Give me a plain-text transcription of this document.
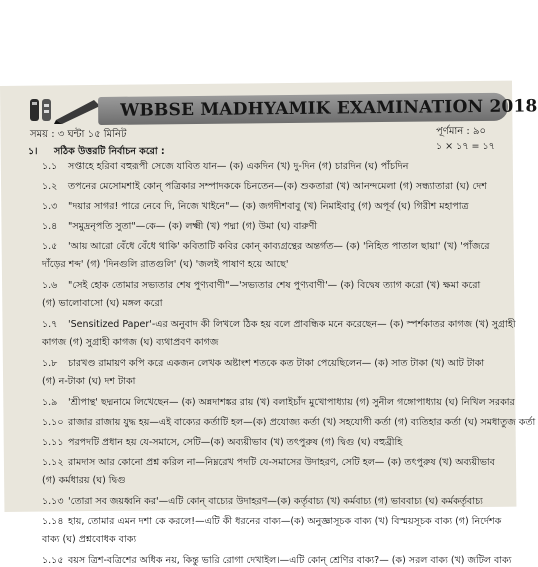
WBBSE MADHYAMIK EXAMINATION 2018
সময় : ৩ ঘন্টা ১৫ মিনিট	পূর্ণমান : ৯০
১ × ১৭ = ১৭
১। সঠিক উত্তরটি নির্বাচন করো :
১.১ সপ্তাহে হরিবা বহুরূপী সেজে যাবিত যান— (ক) একদিন (খ) দু-দিন (গ) চারদিন (ঘ) পাঁচদিন
১.২ তপনের মেসোমশাই কোন্ পত্রিকার সম্পাদককে চিনতেন—(ক) শুকতারা (খ) আনন্দমেলা (গ) সন্ধ্যাতারা (ঘ) দেশ
১.৩ "দয়ার সাগর! পারে নেবে দি, নিজে খাইনে"— (ক) জগদীশবাবু (খ) নিমাইবাবু (গ) অপূর্ব (ঘ) গিরীশ মহাপাত্র
১.৪ "সমুদ্রনৃপতি সুতা"—কে— (ক) লক্ষ্মী (খ) পদ্মা (গ) উমা (ঘ) বারুণী
১.৫ 'আয় আরো বেঁধে বেঁধে থাকি' কবিতাটি কবির কোন্ কাব্যগ্রন্থের অন্তর্গত— (ক) 'নিহিত পাতাল ছায়া' (খ) 'পাঁজরে
দাঁড়ের শব্দ' (গ) 'দিনগুলি রাতগুলি' (ঘ) 'জলই পাষাণ হয়ে আছে'
১.৬ "সেই হোক তোমার সভ্যতার শেষ পুণ্যবাণী"—'সভ্যতার শেষ পুণ্যবাণী'— (ক) বিদ্বেষ ত্যাগ করো (খ) ক্ষমা করো
(গ) ভালোবাসো (ঘ) মঙ্গল করো
১.৭ 'Sensitized Paper'-এর অনুবাদ কী লিখলে ঠিক হয় বলে প্রাবন্ধিক মনে করেছেন— (ক) স্পর্শকাতর কাগজ (খ) সুগ্রাহী
কাগজ (গ) সুগ্রাহী কাগজ (ঘ) ব্যথাপ্রবণ কাগজ
১.৮ চারখণ্ড রামায়ণ কপি করে একজন লেখক অষ্টাংশ শতকে কত টাকা পেয়েছিলেন— (ক) সাত টাকা (খ) আট টাকা
(গ) ন-টাকা (ঘ) দশ টাকা
১.৯ 'শ্রীপান্থ' ছদ্মনামে লিখেছেন— (ক) অন্নদাশঙ্কর রায় (খ) বলাইচাঁদ মুখোপাধ্যায় (গ) সুনীল গঙ্গোপাধ্যায় (ঘ) নিখিল সরকার
১.১০ রাজার রাজায় যুদ্ধ হয়—এই বাক্যের কর্তাটি হল—(ক) প্রযোজ্য কর্তা (খ) সহযোগী কর্তা (গ) ব্যতিহার কর্তা (ঘ) সমধাতুজ কর্তা
১.১১ পরপদটি প্রধান হয় যে-সমাসে, সেটি—(ক) অব্যয়ীভাব (খ) তৎপুরুষ (গ) দ্বিগু (ঘ) বহুব্রীহি
১.১২ রামদাস আর কোনো প্রশ্ন করিল না—নিম্নরেখ পদটি যে-সমাসের উদাহরণ, সেটি হল— (ক) তৎপুরুষ (খ) অব্যয়ীভাব
(গ) কর্মধারয় (ঘ) দ্বিগু
১.১৩ 'তোরা সব জয়ধ্বনি কর'—এটি কোন্ বাচ্যের উদাহরণ—(ক) কর্তৃবাচ্য (খ) কর্মবাচ্য (গ) ভাববাচ্য (ঘ) কর্মকর্তৃবাচ্য
১.১৪ হায়, তোমার এমন দশা কে করলে!—এটি কী ধরনের বাক্য—(ক) অনুজ্ঞাসূচক বাক্য (খ) বিস্ময়সূচক বাক্য (গ) নির্দেশক
বাক্য (ঘ) প্রশ্নবোধক বাক্য
১.১৫ বয়স ত্রিশ-বত্রিশের অধিক নয়, কিন্তু ভারি রোগা দেখাইল।—এটি কোন্ শ্রেণির বাক্য?— (ক) সরল বাক্য (খ) জটিল বাক্য
